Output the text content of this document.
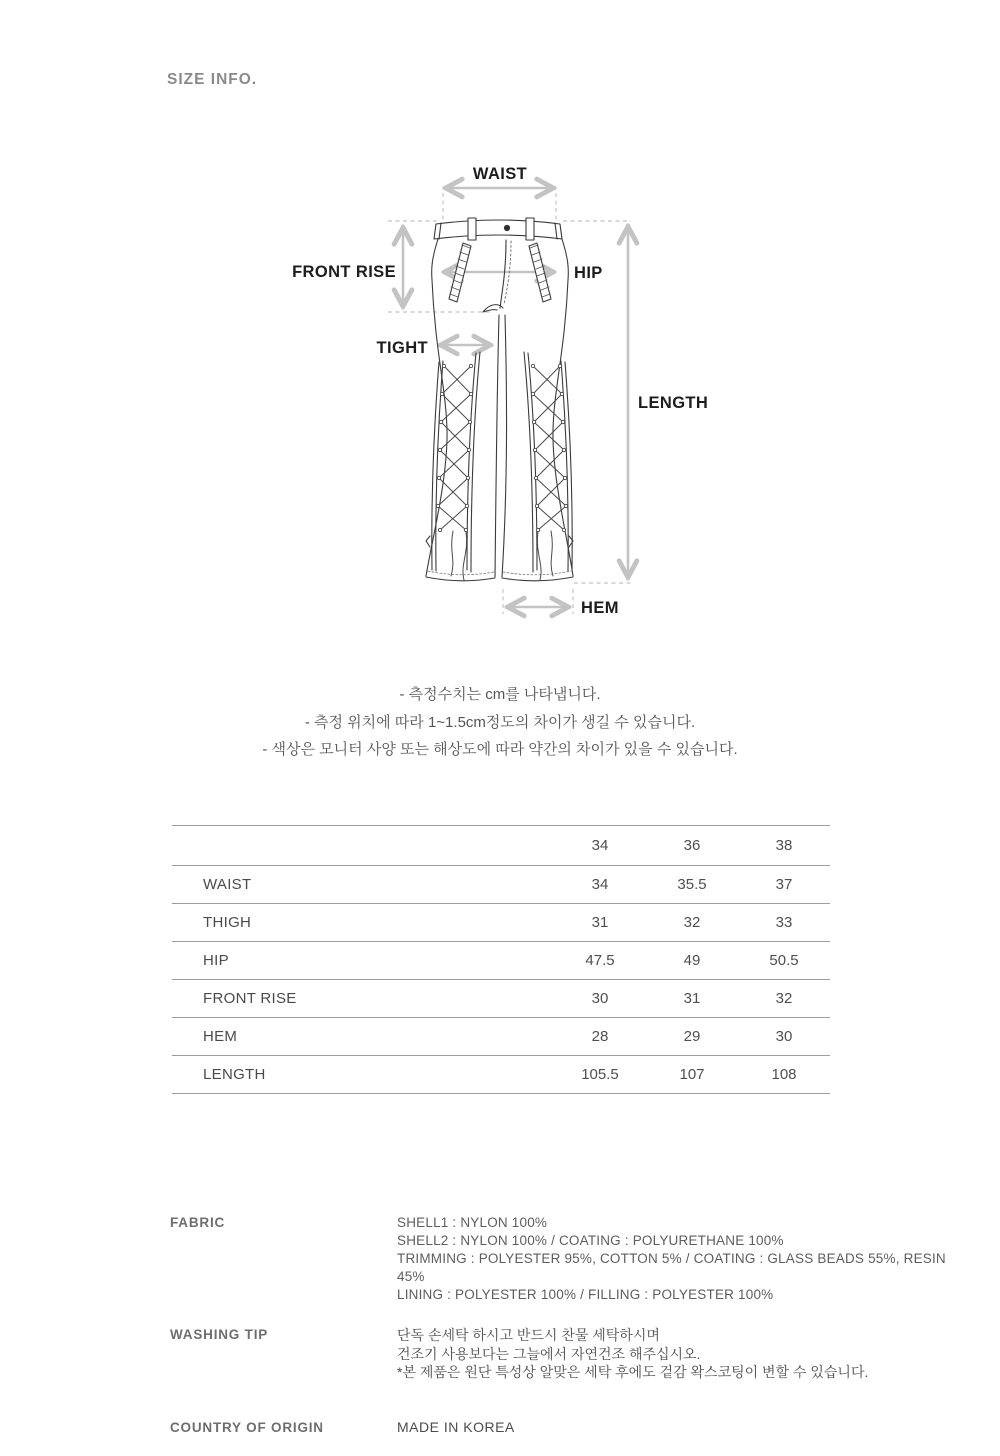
SIZE INFO.
WAIST
FRONT RISE	HIP
TIGHT
LENGTH
HEM
- 측정수치는 cm를 나타냅니다.
- 측정 위치에 따라 1~1.5cm정도의 차이가 생길 수 있습니다.
- 색상은 모니터 사양 또는 해상도에 따라 약간의 차이가 있을 수 있습니다.
34	36	38
WAIST	34	35.5	37
THIGH	31	32	33
HIP	47.5	49	50.5
FRONT RISE	30	31	32
HEM	28	29	30
LENGTH	105.5	107	108
FABRIC	SHELL1 : NYLON 100%
SHELL2 : NYLON 100% / COATING : POLYURETHANE 100%
TRIMMING : POLYESTER 95%, COTTON 5% / COATING : GLASS BEADS 55%, RESIN 45%
LINING : POLYESTER 100% / FILLING : POLYESTER 100%
WASHING TIP	단독 손세탁 하시고 반드시 찬물 세탁하시며
건조기 사용보다는 그늘에서 자연건조 해주십시오.
*본 제품은 원단 특성상 알맞은 세탁 후에도 겉감 왁스코팅이 변할 수 있습니다.
COUNTRY OF ORIGIN	MADE IN KOREA
